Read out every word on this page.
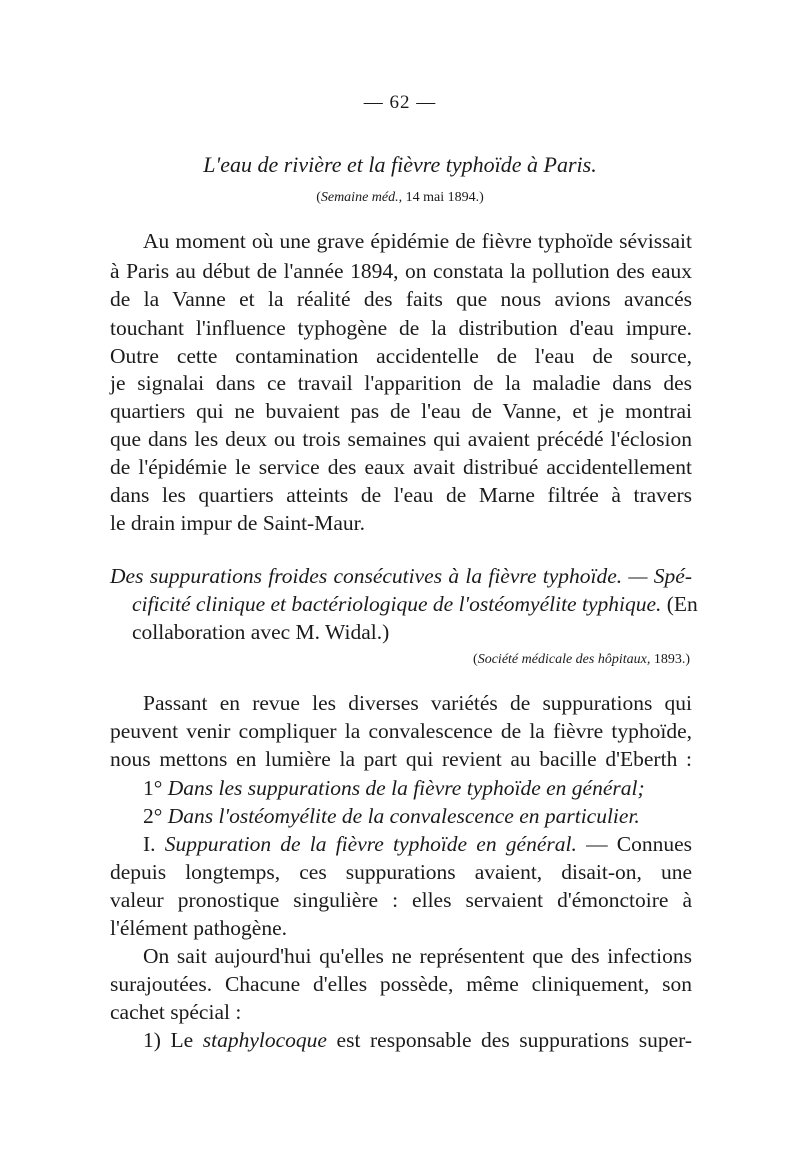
— 62 —
L'eau de rivière et la fièvre typhoïde à Paris.
(Semaine méd., 14 mai 1894.)
Au moment où une grave épidémie de fièvre typhoïde sévissait
à Paris au début de l'année 1894, on constata la pollution des eaux
de la Vanne et la réalité des faits que nous avions avancés
touchant l'influence typhogène de la distribution d'eau impure.
Outre cette contamination accidentelle de l'eau de source,
je signalai dans ce travail l'apparition de la maladie dans des
quartiers qui ne buvaient pas de l'eau de Vanne, et je montrai
que dans les deux ou trois semaines qui avaient précédé l'éclosion
de l'épidémie le service des eaux avait distribué accidentellement
dans les quartiers atteints de l'eau de Marne filtrée à travers
le drain impur de Saint-Maur.
Des suppurations froides consécutives à la fièvre typhoïde. — Spé-
cificité clinique et bactériologique de l'ostéomyélite typhique. (En
collaboration avec M. Widal.)
(Société médicale des hôpitaux, 1893.)
Passant en revue les diverses variétés de suppurations qui
peuvent venir compliquer la convalescence de la fièvre typhoïde,
nous mettons en lumière la part qui revient au bacille d'Eberth :
1° Dans les suppurations de la fièvre typhoïde en général;
2° Dans l'ostéomyélite de la convalescence en particulier.
I. Suppuration de la fièvre typhoïde en général. — Connues
depuis longtemps, ces suppurations avaient, disait-on, une
valeur pronostique singulière : elles servaient d'émonctoire à
l'élément pathogène.
On sait aujourd'hui qu'elles ne représentent que des infections
surajoutées. Chacune d'elles possède, même cliniquement, son
cachet spécial :
1) Le staphylocoque est responsable des suppurations super-
